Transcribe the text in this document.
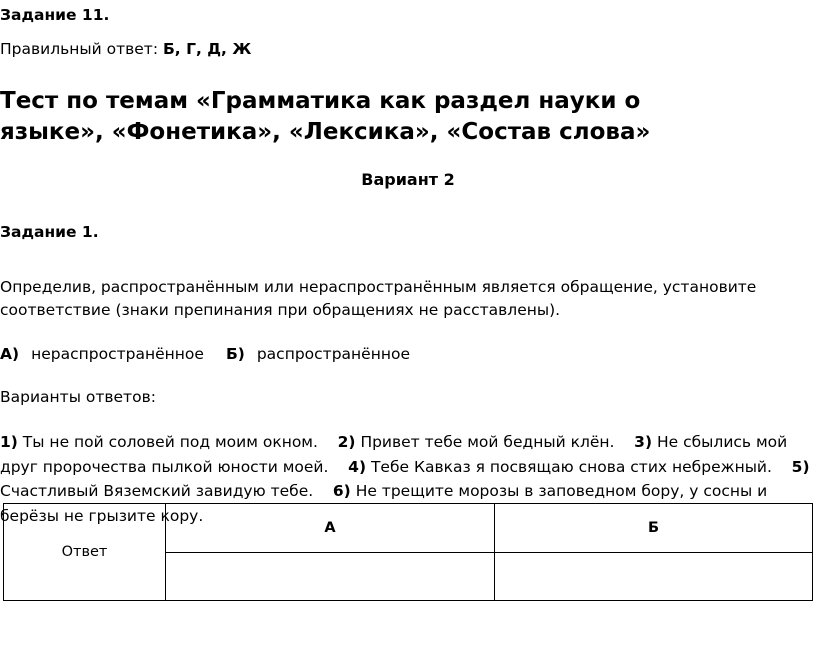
Задание 11.
Правильный ответ: Б, Г, Д, Ж
Тест по темам «Грамматика как раздел науки о языке», «Фонетика», «Лексика», «Состав слова»
Вариант 2
Задание 1.
Определив, распространённым или нераспространённым является обращение, установите соответствие (знаки препинания при обращениях не расставлены).
А) нераспространённое Б) распространённое
Варианты ответов:
1) Ты не пой соловей под моим окном.    2) Привет тебе мой бедный клён.    3) Не сбылись мой друг пророчества пылкой юности моей.    4) Тебе Кавказ я посвящаю снова стих небрежный.    5) Счастливый Вяземский завидую тебе.    6) Не трещите морозы в заповедном бору, у сосны и берёзы не грызите кору.
Ответ	А	Б
